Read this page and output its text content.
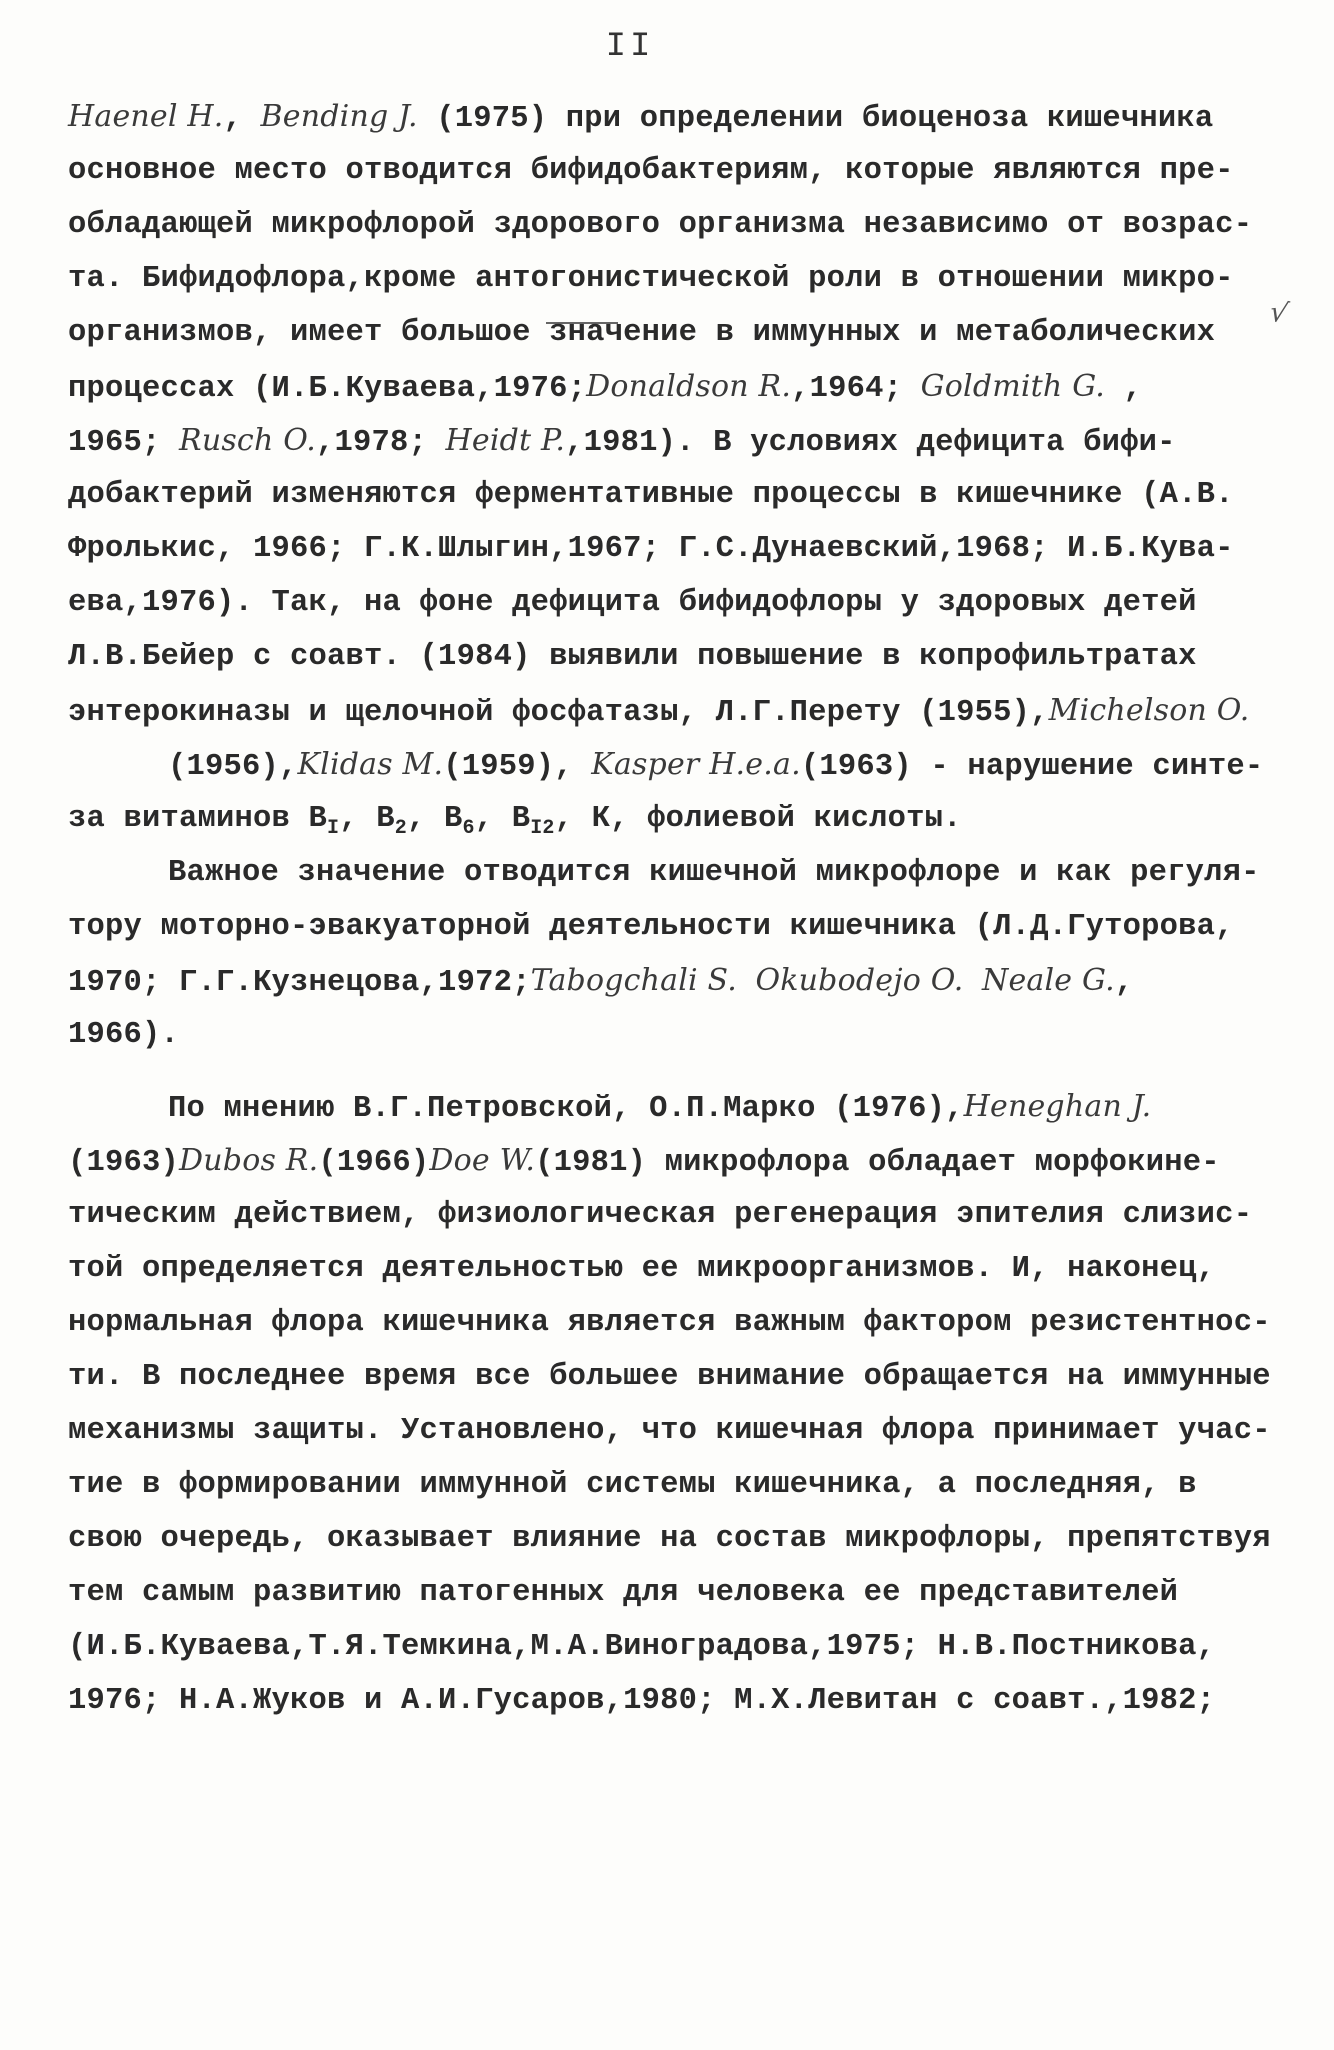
II
√
Haenel H., Bending J. (1975) при определении биоценоза кишечника
основное место отводится бифидобактериям, которые являются пре-
обладающей микрофлорой здорового организма независимо от возрас-
та. Бифидофлора,кроме антогонистической роли в отношении микро-
организмов, имеет большое значение в иммунных и метаболических
процессах (И.Б.Куваева,1976;Donaldson R.,1964; Goldmith G. ,
1965; Rusch O.,1978; Heidt P.,1981). В условиях дефицита бифи-
добактерий изменяются ферментативные процессы в кишечнике (А.В.
Фролькис, 1966; Г.К.Шлыгин,1967; Г.С.Дунаевский,1968; И.Б.Кува-
ева,1976). Так, на фоне дефицита бифидофлоры у здоровых детей
Л.В.Бейер с соавт. (1984) выявили повышение в копрофильтратах
энтерокиназы и щелочной фосфатазы, Л.Г.Перету (1955),Michelson O.
(1956),Klidas M.(1959), Kasper H.e.a.(1963) - нарушение синте-
за витаминов $В_I$, $В_2$, $В_6$, $В_{I2}$, К, фолиевой кислоты.
Важное значение отводится кишечной микрофлоре и как регуля-
тору моторно-эвакуаторной деятельности кишечника (Л.Д.Гуторова,
1970; Г.Г.Кузнецова,1972;Tabogchali S. Okubodejo O. Neale G.,
1966).
По мнению В.Г.Петровской, О.П.Марко (1976),Heneghan J.
(1963)Dubos R.(1966)Doe W.(1981) микрофлора обладает морфокине-
тическим действием, физиологическая регенерация эпителия слизис-
той определяется деятельностью ее микроорганизмов. И, наконец,
нормальная флора кишечника является важным фактором резистентнос-
ти. В последнее время все большее внимание обращается на иммунные
механизмы защиты. Установлено, что кишечная флора принимает учас-
тие в формировании иммунной системы кишечника, а последняя, в
свою очередь, оказывает влияние на состав микрофлоры, препятствуя
тем самым развитию патогенных для человека ее представителей
(И.Б.Куваева,Т.Я.Темкина,М.А.Виноградова,1975; Н.В.Постникова,
1976; Н.А.Жуков и А.И.Гусаров,1980; М.Х.Левитан с соавт.,1982;
